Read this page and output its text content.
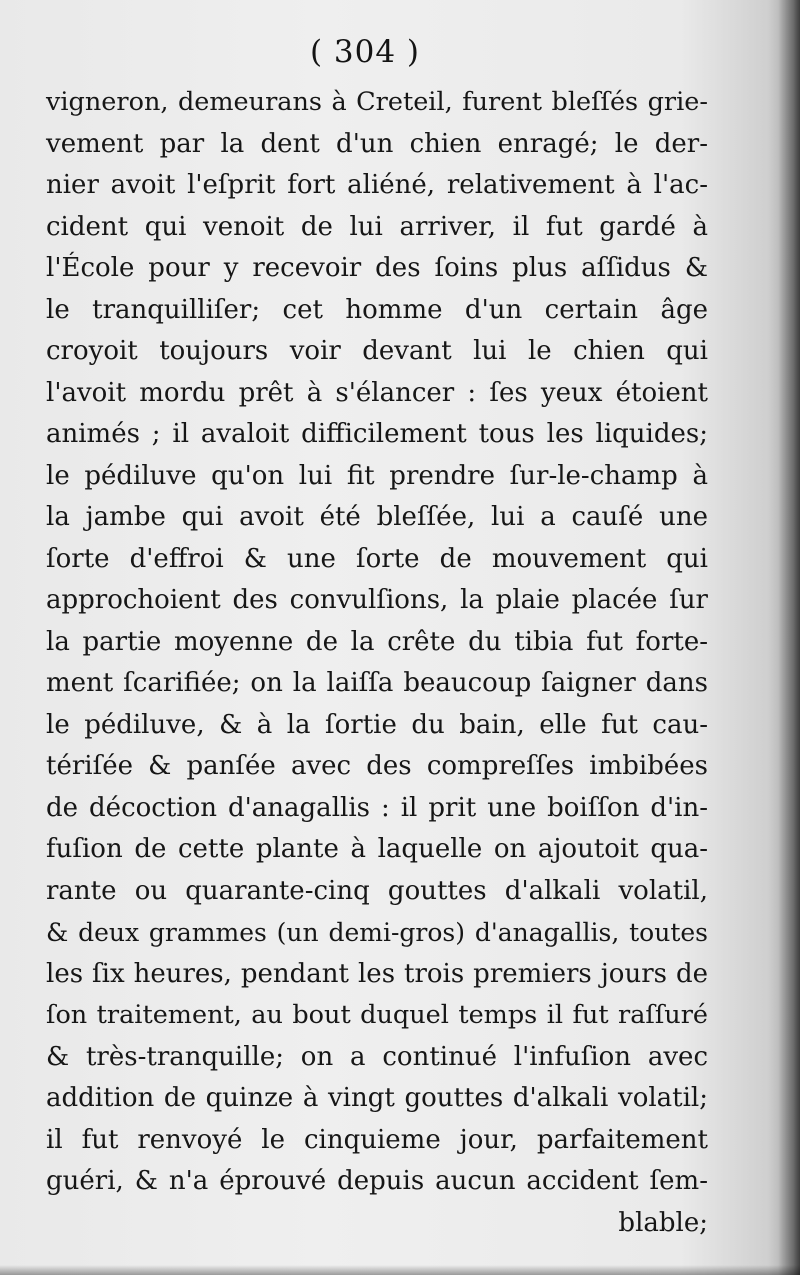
( 304 )
vigneron, demeurans à Creteil, furent bleſſés grie-
vement par la dent d'un chien enragé; le der-
nier avoit l'eſprit fort aliéné, relativement à l'ac-
cident qui venoit de lui arriver, il fut gardé à
l'École pour y recevoir des ſoins plus aſſidus &
le tranquilliſer; cet homme d'un certain âge
croyoit toujours voir devant lui le chien qui
l'avoit mordu prêt à s'élancer : ſes yeux étoient
animés ; il avaloit difficilement tous les liquides;
le pédiluve qu'on lui fit prendre ſur-le-champ à
la jambe qui avoit été bleſſée, lui a cauſé une
ſorte d'effroi & une ſorte de mouvement qui
approchoient des convulſions, la plaie placée ſur
la partie moyenne de la crête du tibia fut forte-
ment ſcarifiée; on la laiſſa beaucoup ſaigner dans
le pédiluve, & à la ſortie du bain, elle fut cau-
tériſée & panſée avec des compreſſes imbibées
de décoction d'anagallis : il prit une boiſſon d'in-
fuſion de cette plante à laquelle on ajoutoit qua-
rante ou quarante-cinq gouttes d'alkali volatil,
& deux grammes (un demi-gros) d'anagallis, toutes
les ſix heures, pendant les trois premiers jours de
ſon traitement, au bout duquel temps il fut raſſuré
& très-tranquille; on a continué l'infuſion avec
addition de quinze à vingt gouttes d'alkali volatil;
il fut renvoyé le cinquieme jour, parfaitement
guéri, & n'a éprouvé depuis aucun accident ſem-
blable;
